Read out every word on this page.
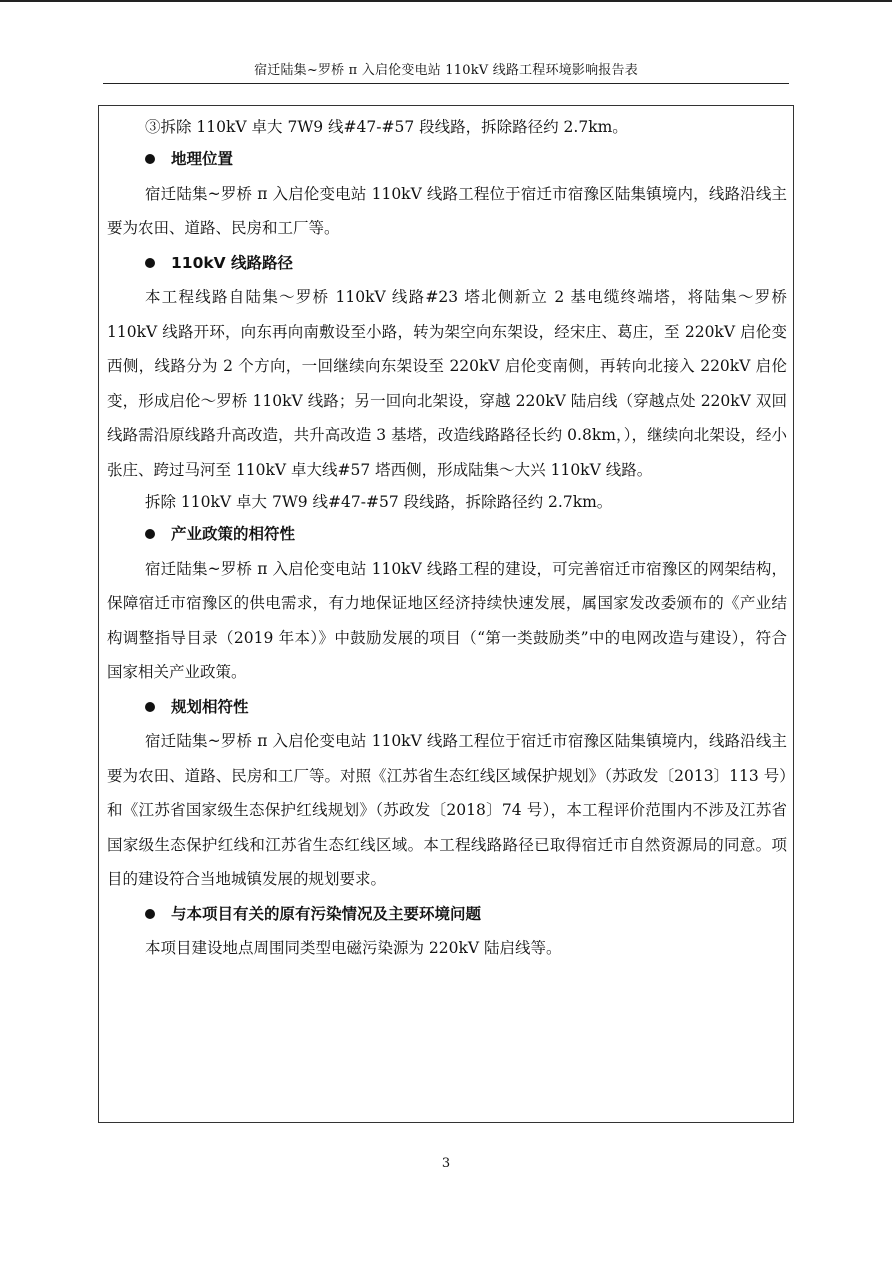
宿迁陆集~罗桥 π 入启伦变电站 110kV 线路工程环境影响报告表

③拆除 110kV 卓大 7W9 线#47-#57 段线路，拆除路径约 2.7km。

地理位置

宿迁陆集~罗桥 π 入启伦变电站 110kV 线路工程位于宿迁市宿豫区陆集镇境内，线路沿线主要为农田、道路、民房和工厂等。

110kV 线路路径

本工程线路自陆集～罗桥 110kV 线路#23 塔北侧新立 2 基电缆终端塔，将陆集～罗桥 110kV 线路开环，向东再向南敷设至小路，转为架空向东架设，经宋庄、葛庄，至 220kV 启伦变西侧，线路分为 2 个方向，一回继续向东架设至 220kV 启伦变南侧，再转向北接入 220kV 启伦变，形成启伦～罗桥 110kV 线路；另一回向北架设，穿越 220kV 陆启线（穿越点处 220kV 双回线路需沿原线路升高改造，共升高改造 3 基塔，改造线路路径长约 0.8km，），继续向北架设，经小张庄、跨过马河至 110kV 卓大线#57 塔西侧，形成陆集～大兴 110kV 线路。

拆除 110kV 卓大 7W9 线#47-#57 段线路，拆除路径约 2.7km。

产业政策的相符性

宿迁陆集~罗桥 π 入启伦变电站 110kV 线路工程的建设，可完善宿迁市宿豫区的网架结构，保障宿迁市宿豫区的供电需求，有力地保证地区经济持续快速发展，属国家发改委颁布的《产业结构调整指导目录（2019 年本）》中鼓励发展的项目（“第一类鼓励类”中的电网改造与建设），符合国家相关产业政策。

规划相符性

宿迁陆集~罗桥 π 入启伦变电站 110kV 线路工程位于宿迁市宿豫区陆集镇境内，线路沿线主要为农田、道路、民房和工厂等。对照《江苏省生态红线区域保护规划》（苏政发〔2013〕113 号）和《江苏省国家级生态保护红线规划》（苏政发〔2018〕74 号），本工程评价范围内不涉及江苏省国家级生态保护红线和江苏省生态红线区域。本工程线路路径已取得宿迁市自然资源局的同意。项目的建设符合当地城镇发展的规划要求。

与本项目有关的原有污染情况及主要环境问题

本项目建设地点周围同类型电磁污染源为 220kV 陆启线等。

3
